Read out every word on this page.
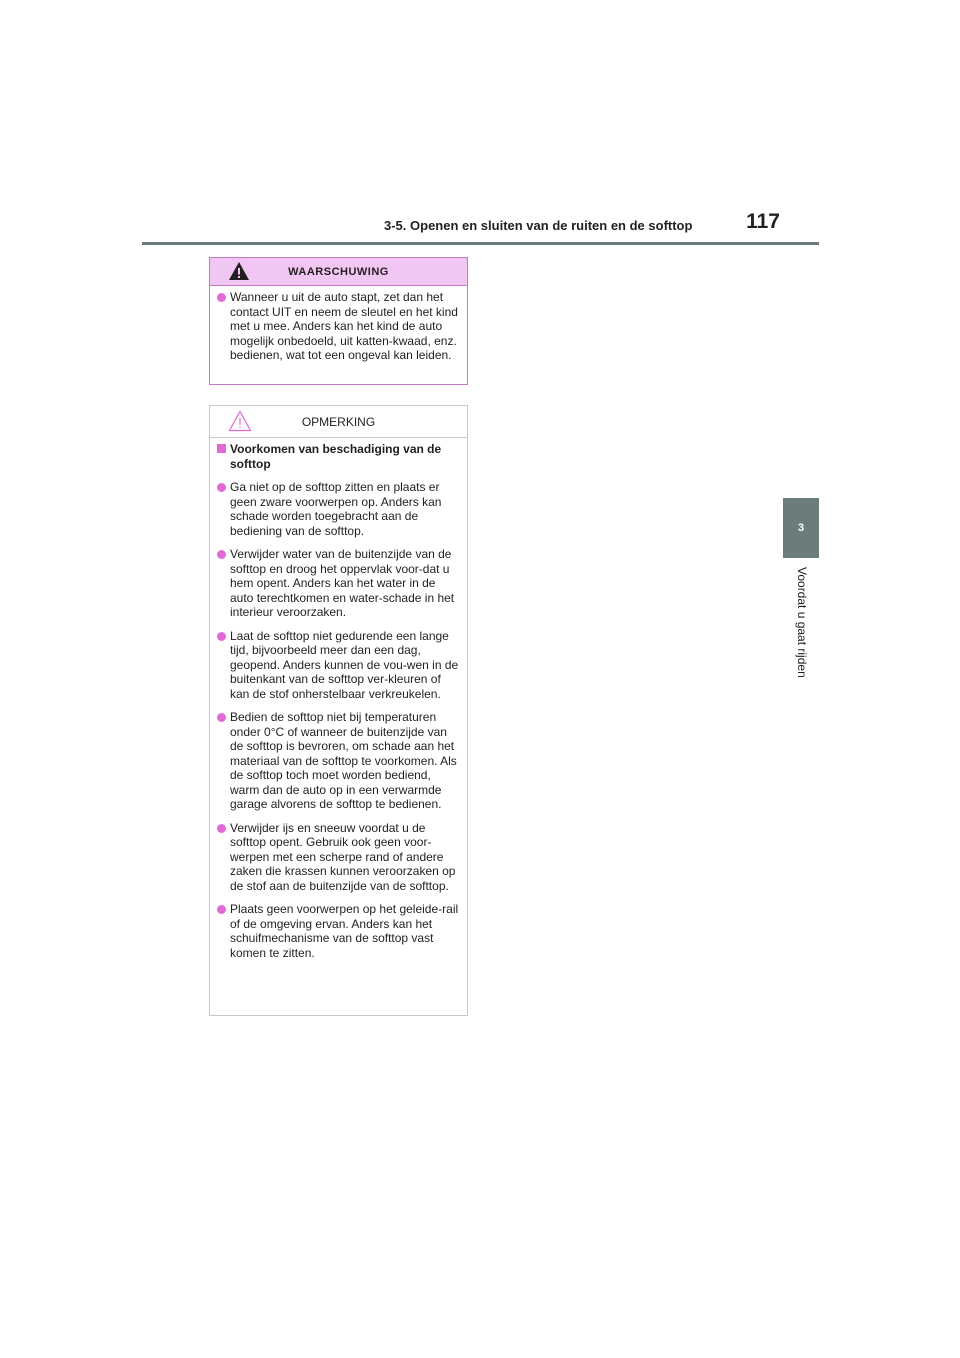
3-5. Openen en sluiten van de ruiten en de softtop	117
3
Voordat u gaat rijden
WAARSCHUWING
Wanneer u uit de auto stapt, zet dan het contact UIT en neem de sleutel en het kind met u mee. Anders kan het kind de auto mogelijk onbedoeld, uit katten-kwaad, enz. bedienen, wat tot een ongeval kan leiden.
OPMERKING
Voorkomen van beschadiging van de softtop
Ga niet op de softtop zitten en plaats er geen zware voorwerpen op. Anders kan schade worden toegebracht aan de bediening van de softtop.
Verwijder water van de buitenzijde van de softtop en droog het oppervlak voor-dat u hem opent. Anders kan het water in de auto terechtkomen en water-schade in het interieur veroorzaken.
Laat de softtop niet gedurende een lange tijd, bijvoorbeeld meer dan een dag, geopend. Anders kunnen de vou-wen in de buitenkant van de softtop ver-kleuren of kan de stof onherstelbaar verkreukelen.
Bedien de softtop niet bij temperaturen onder 0°C of wanneer de buitenzijde van de softtop is bevroren, om schade aan het materiaal van de softtop te voorkomen. Als de softtop toch moet worden bediend, warm dan de auto op in een verwarmde garage alvorens de softtop te bedienen.
Verwijder ijs en sneeuw voordat u de softtop opent. Gebruik ook geen voor-werpen met een scherpe rand of andere zaken die krassen kunnen veroorzaken op de stof aan de buitenzijde van de softtop.
Plaats geen voorwerpen op het geleide-rail of de omgeving ervan. Anders kan het schuifmechanisme van de softtop vast komen te zitten.
